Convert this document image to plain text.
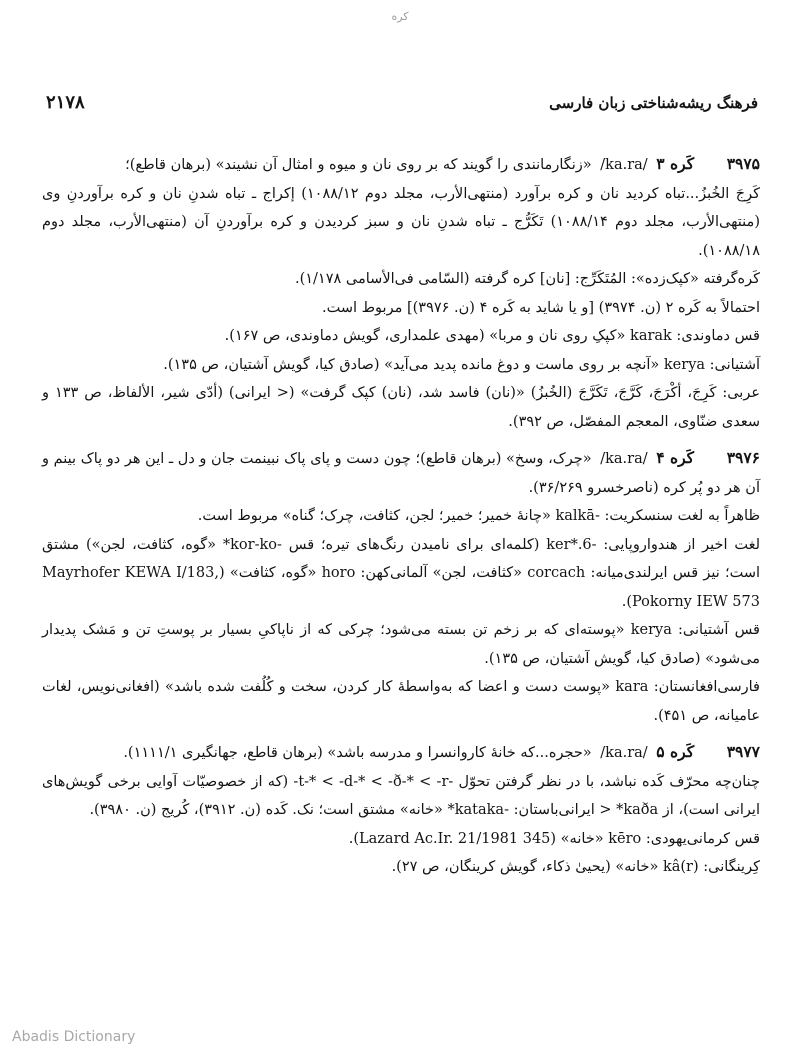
کره
فرهنگ ریشه‌شناختی زبان فارسی
۲۱۷۸

۳۹۷۵ کَره ۳ /ka.ra/ «زنگارمانندی را گویند که بر روی نان و میوه و امثال آن نشیند» (برهان قاطع)؛

کَرِجَ الخُبزُ...تباه کردید نان و کره برآورد (منتهی‌الأرب، مجلد دوم ۱۰۸۸/۱۲) إکراج ـ تباه شدنِ نان و کره برآوردنِ وی (منتهی‌الأرب، مجلد دوم ۱۰۸۸/۱۴) تَکَرُّج ـ تباه شدنِ نان و سبز کردیدن و کره برآوردنِ آن (منتهی‌الأرب، مجلد دوم ۱۰۸۸/۱۸).

کَره‌گرفته «کپک‌زده»: المُتَکَرِّج: [نان] کره گرفته (السّامی فی‌الأسامی ۱/۱۷۸).

احتمالاً به کَره ۲ (ن. ۳۹۷۴) [و یا شاید به کَره ۴ (ن. ۳۹۷۶)] مربوط است.

قس دماوندی: karak «کپکِ روی نان و مربا» (مهدی علمداری، گویش دماوندی، ص ۱۶۷).

آشتیانی: kerya «آنچه بر روی ماست و دوغ مانده پدید می‌آید» (صادق کیا، گویش آشتیان، ص ۱۳۵).

عربی: کَرِجَ، أکْرَجَ، کَرَّجَ، تَکَرَّجَ (الخُبزُ) «(نان) فاسد شد، (نان) کپک گرفت» (< ایرانی) (أدّی شیر، الألفاظ، ص ۱۳۳ و سعدی ضنّاوی، المعجم المفصّل، ص ۳۹۲).

۳۹۷۶ کَره ۴ /ka.ra/ «چرک، وسخ» (برهان قاطع)؛ چون دست و پای پاک نبینمت جان و دل ـ این هر دو پاک بینم و آن هر دو پُر کره (ناصرخسرو ۳۶/۲۶۹).

ظاهراً به لغت سنسکریت: -kalkā «چانهٔ خمیر؛ خمیر؛ لجن، کثافت، چرک؛ گناه» مربوط است.

لغت اخیر از هندواروپایی: -6.*ker (کلمه‌ای برای نامیدن رنگ‌های تیره؛ قس -kor-ko* «گوه، کثافت، لجن») مشتق است؛ نیز قس ایرلندی‌میانه: corcach «کثافت، لجن» آلمانی‌کهن: horo «گوه، کثافت» (Mayrhofer KEWA I/183, Pokorny IEW 573).

قس آشتیانی: kerya «پوسته‌ای که بر زخم تن بسته می‌شود؛ چرکی که از ناپاکیِ بسیار بر پوستِ تن و مَشک پدیدار می‌شود» (صادق کیا، گویش آشتیان، ص ۱۳۵).

فارسی‌افغانستان: kara «پوست دست و اعضا که به‌واسطهٔ کار کردن، سخت و کُلُفت شده باشد» (افغانی‌نویس، لغات عامیانه، ص ۴۵۱).

۳۹۷۷ کَره ۵ /ka.ra/ «حجره...که خانهٔ کاروانسرا و مدرسه باشد» (برهان قاطع، جهانگیری ۱۱۱۱/۱).

چنان‌چه محرّف کَده نباشد، با در نظر گرفتن تحوّل -t-* < -d-* < -ð-* < -r- (که از خصوصیّات آوایی برخی گویش‌های ایرانی است)، از kaða* < ایرانی‌باستان: -kataka* «خانه» مشتق است؛ نک. کَده (ن. ۳۹۱۲)، کُریج (ن. ۳۹۸۰).

قس کرمانی‌یهودی: kēro «خانه» (Lazard Ac.Ir. 21/1981 345).

کِرینگانی: kâ(r) «خانه» (یحییٰ ذکاء، گویش کرینگان، ص ۲۷).

Abadis Dictionary
